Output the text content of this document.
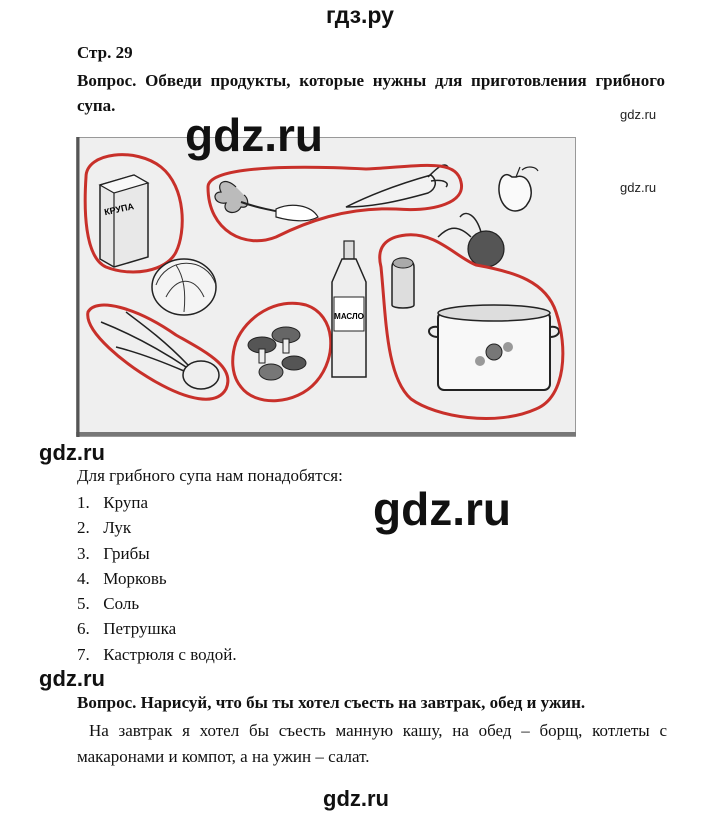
гдз.ру
Стр. 29
Вопрос. Обведи продукты, которые нужны для приготовления грибного супа.	gdz.ru
gdz.ru
КРУПА
МАСЛО
gdz.ru
gdz.ru
Для грибного супа нам понадобятся:
1. Крупа
2. Лук
3. Грибы
4. Морковь
5. Соль
6. Петрушка
7. Кастрюля с водой.
gdz.ru
gdz.ru
Вопрос. Нарисуй, что бы ты хотел съесть на завтрак, обед и ужин.
На завтрак я хотел бы съесть манную кашу, на обед – борщ, котлеты с макаронами и компот, а на ужин – салат.
gdz.ru
